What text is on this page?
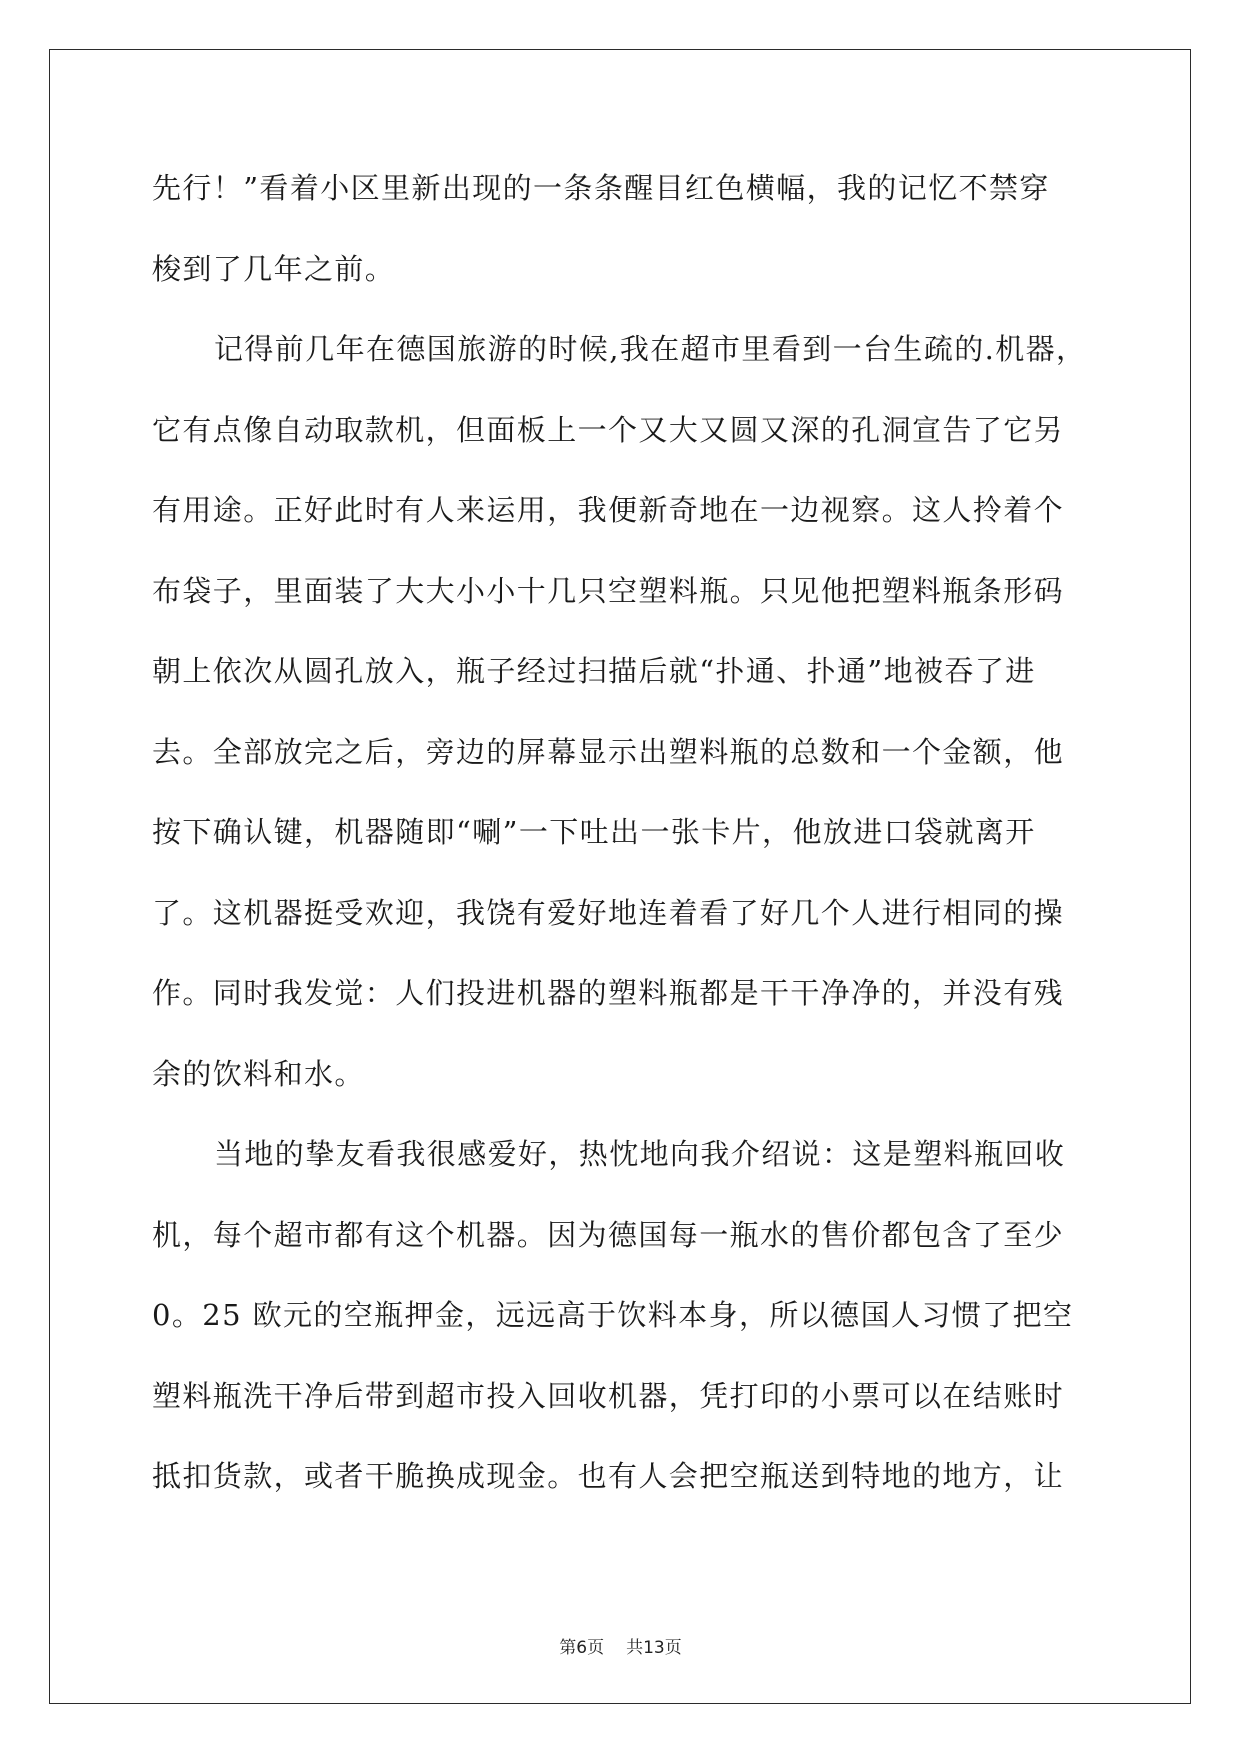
先行！”看着小区里新出现的一条条醒目红色横幅，我的记忆不禁穿
梭到了几年之前。
记得前几年在德国旅游的时候,我在超市里看到一台生疏的.机器，
它有点像自动取款机，但面板上一个又大又圆又深的孔洞宣告了它另
有用途。正好此时有人来运用，我便新奇地在一边视察。这人拎着个
布袋子，里面装了大大小小十几只空塑料瓶。只见他把塑料瓶条形码
朝上依次从圆孔放入，瓶子经过扫描后就“扑通、扑通”地被吞了进
去。全部放完之后，旁边的屏幕显示出塑料瓶的总数和一个金额，他
按下确认键，机器随即“唰”一下吐出一张卡片，他放进口袋就离开
了。这机器挺受欢迎，我饶有爱好地连着看了好几个人进行相同的操
作。同时我发觉：人们投进机器的塑料瓶都是干干净净的，并没有残
余的饮料和水。
当地的挚友看我很感爱好，热忱地向我介绍说：这是塑料瓶回收
机，每个超市都有这个机器。因为德国每一瓶水的售价都包含了至少
0。25 欧元的空瓶押金，远远高于饮料本身，所以德国人习惯了把空
塑料瓶洗干净后带到超市投入回收机器，凭打印的小票可以在结账时
抵扣货款，或者干脆换成现金。也有人会把空瓶送到特地的地方，让
第6页 共13页
